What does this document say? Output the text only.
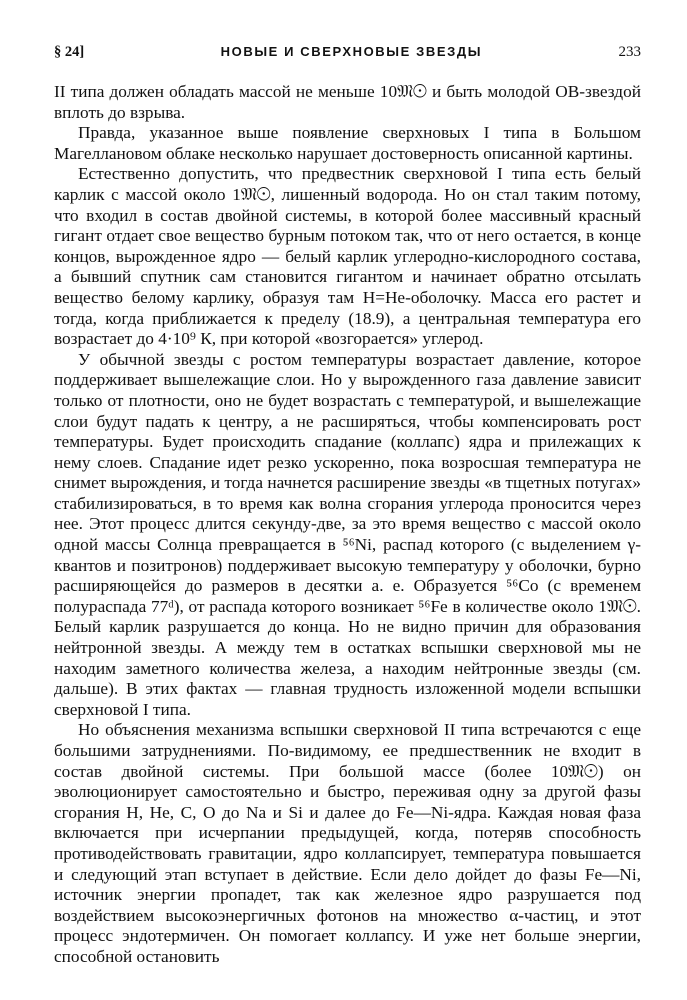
§ 24]	НОВЫЕ И СВЕРХНОВЫЕ ЗВЕЗДЫ	233

II типа должен обладать массой не меньше 10𝔐☉ и быть молодой OB-звездой вплоть до взрыва.

Правда, указанное выше появление сверхновых I типа в Большом Магеллановом облаке несколько нарушает достоверность описанной картины.

Естественно допустить, что предвестник сверхновой I типа есть белый карлик с массой около 1𝔐☉, лишенный водорода. Но он стал таким потому, что входил в состав двойной системы, в которой более массивный красный гигант отдает свое вещество бурным потоком так, что от него остается, в конце концов, вырожденное ядро — белый карлик углеродно-кислородного состава, а бывший спутник сам становится гигантом и начинает обратно отсылать вещество белому карлику, образуя там H=He-оболочку. Масса его растет и тогда, когда приближается к пределу (18.9), а центральная температура его возрастает до 4·10⁹ К, при которой «возгорается» углерод.

У обычной звезды с ростом температуры возрастает давление, которое поддерживает вышележащие слои. Но у вырожденного газа давление зависит только от плотности, оно не будет возрастать с температурой, и вышележащие слои будут падать к центру, а не расширяться, чтобы компенсировать рост температуры. Будет происходить спадание (коллапс) ядра и прилежащих к нему слоев. Спадание идет резко ускоренно, пока возросшая температура не снимет вырождения, и тогда начнется расширение звезды «в тщетных потугах» стабилизироваться, в то время как волна сгорания углерода проносится через нее. Этот процесс длится секунду-две, за это время вещество с массой около одной массы Солнца превращается в ⁵⁶Ni, распад которого (с выделением γ-квантов и позитронов) поддерживает высокую температуру у оболочки, бурно расширяющейся до размеров в десятки а. е. Образуется ⁵⁶Co (с временем полураспада 77ᵈ), от распада которого возникает ⁵⁶Fe в количестве около 1𝔐☉. Белый карлик разрушается до конца. Но не видно причин для образования нейтронной звезды. А между тем в остатках вспышки сверхновой мы не находим заметного количества железа, а находим нейтронные звезды (см. дальше). В этих фактах — главная трудность изложенной модели вспышки сверхновой I типа.

Но объяснения механизма вспышки сверхновой II типа встречаются с еще большими затруднениями. По-видимому, ее предшественник не входит в состав двойной системы. При большой массе (более 10𝔐☉) он эволюционирует самостоятельно и быстро, переживая одну за другой фазы сгорания H, He, C, O до Na и Si и далее до Fe—Ni-ядра. Каждая новая фаза включается при исчерпании предыдущей, когда, потеряв способность противодействовать гравитации, ядро коллапсирует, температура повышается и следующий этап вступает в действие. Если дело дойдет до фазы Fe—Ni, источник энергии пропадет, так как железное ядро разрушается под воздействием высокоэнергичных фотонов на множество α-частиц, и этот процесс эндотермичен. Он помогает коллапсу. И уже нет больше энергии, способной остановить
